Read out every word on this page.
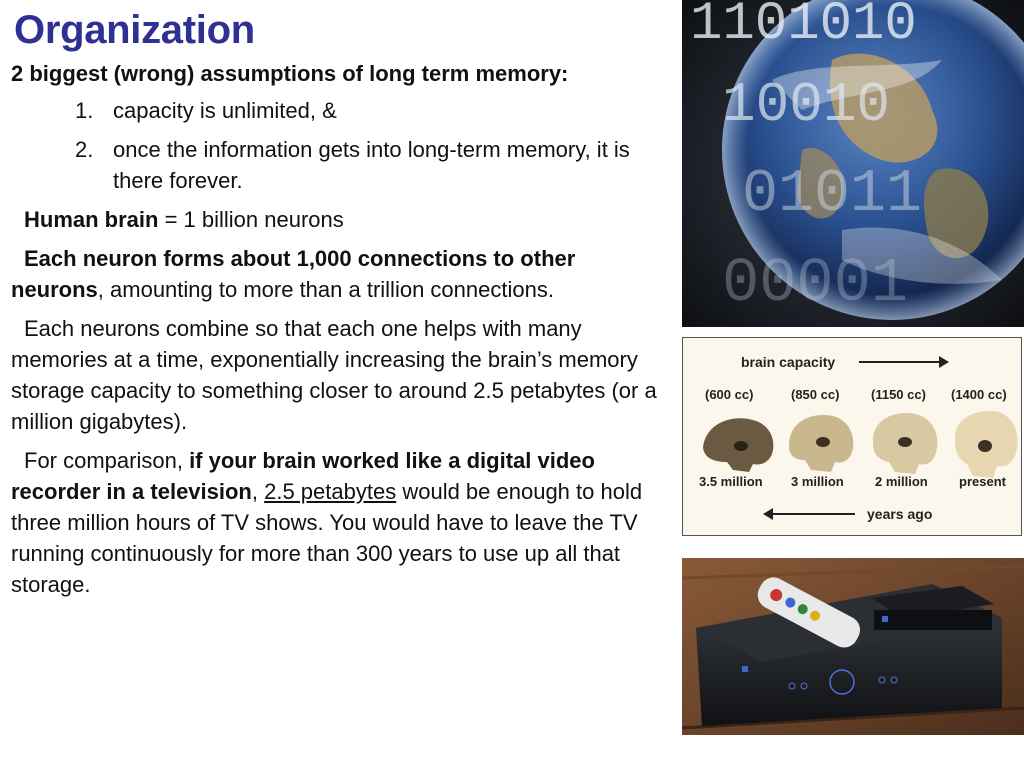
Organization

2 biggest (wrong) assumptions of long term memory:

1. capacity is unlimited, &
2. once the information gets into long-term memory, it is there forever.

Human brain = 1 billion neurons

Each neuron forms about 1,000 connections to other neurons, amounting to more than a trillion connections.

Each neurons combine so that each one helps with many memories at a time, exponentially increasing the brain’s memory storage capacity to something closer to around 2.5 petabytes (or a million gigabytes).

For comparison, if your brain worked like a digital video recorder in a television, 2.5 petabytes would be enough to hold three million hours of TV shows. You would have to leave the TV running continuously for more than 300 years to use up all that storage.

1101010
10010
01011
00001
brain capacity
(600 cc)	(850 cc) (1150 cc) (1400 cc)
3.5 million 3 million 2 million present
years ago
